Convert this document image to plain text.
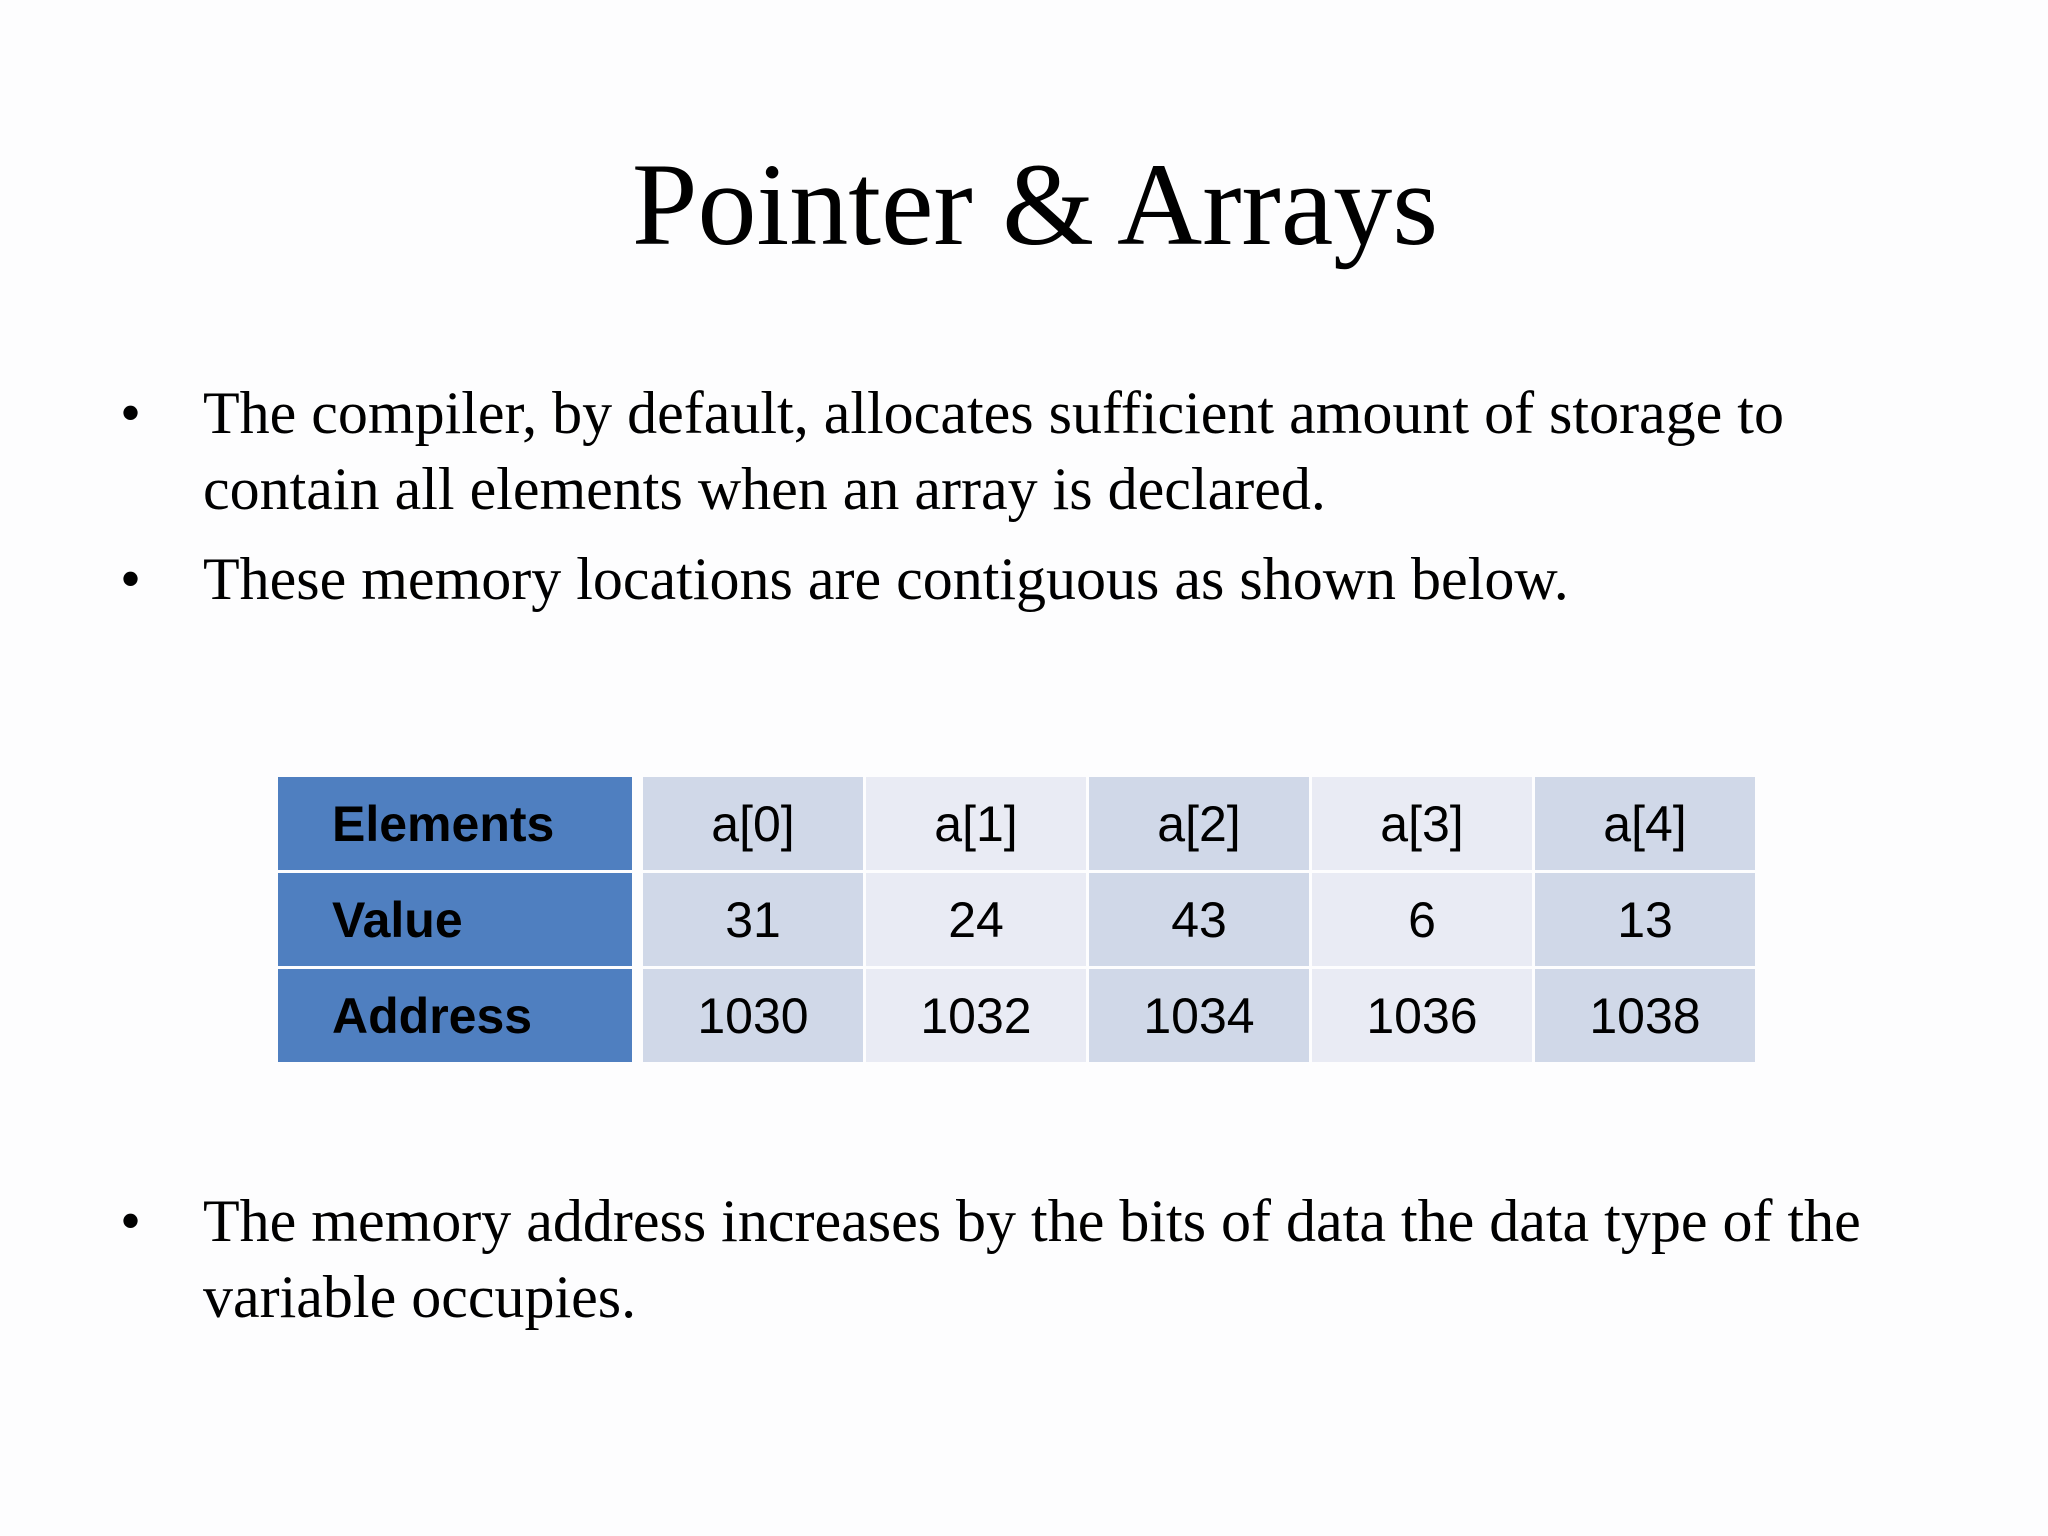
Pointer & Arrays
•	The compiler, by default, allocates sufficient amount of storage to contain all elements when an array is declared.
•	These memory locations are contiguous as shown below.
Elements		a[0]	a[1]	a[2]	a[3]	a[4]
Value		31	24	43	6	13
Address		1030	1032	1034	1036	1038
•	The memory address increases by the bits of data the data type of the variable occupies.
